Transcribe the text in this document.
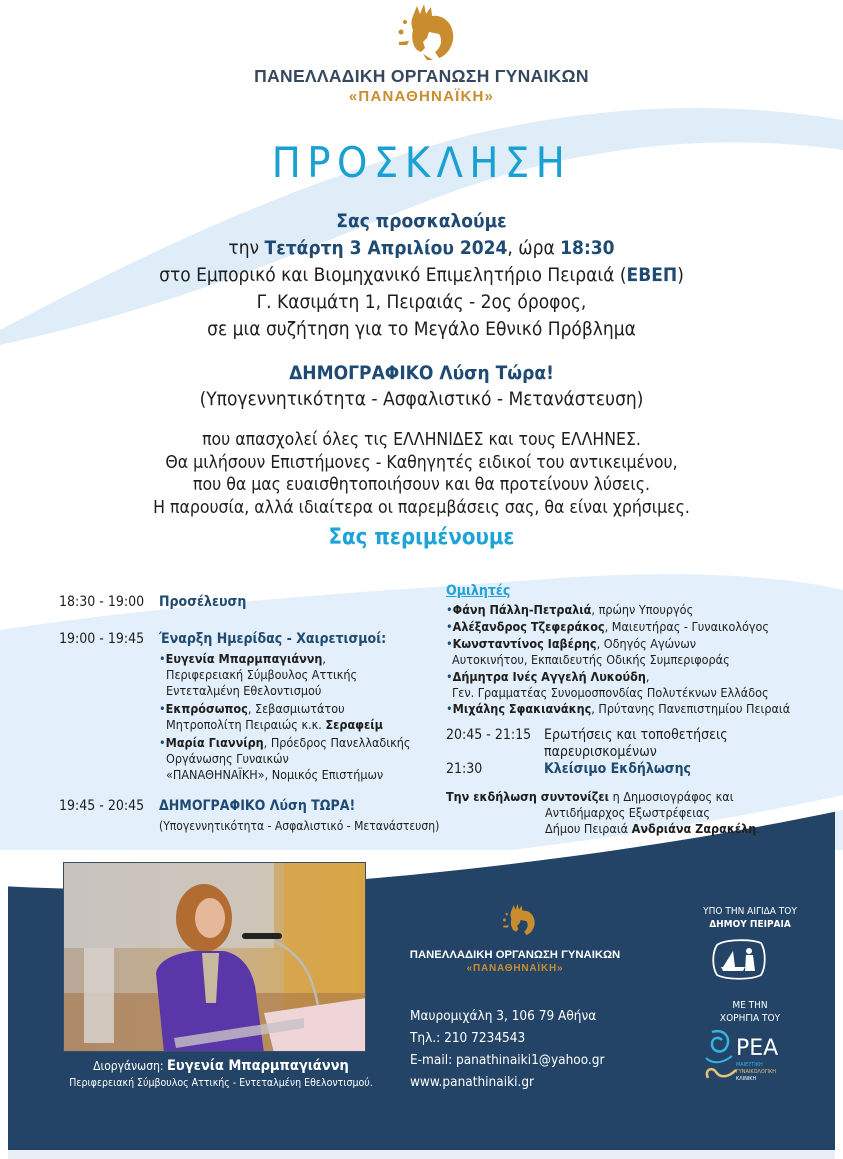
ΠΑΝΕΛΛΑΔΙΚΗ ΟΡΓΑΝΩΣΗ ΓΥΝΑΙΚΩΝ
«ΠΑΝΑΘΗΝΑΪΚΗ»
ΠΡΟΣΚΛΗΣΗ
Σας προσκαλούμε
την Τετάρτη 3 Απριλίου 2024, ώρα 18:30
στο Εμπορικό και Βιομηχανικό Επιμελητήριο Πειραιά (ΕΒΕΠ)
Γ. Κασιμάτη 1, Πειραιάς - 2ος όροφος,
σε μια συζήτηση για το Μεγάλο Εθνικό Πρόβλημα
ΔΗΜΟΓΡΑΦΙΚΟ Λύση Τώρα!
(Υπογεννητικότητα - Ασφαλιστικό - Μετανάστευση)
που απασχολεί όλες τις ΕΛΛΗΝΙΔΕΣ και τους ΕΛΛΗΝΕΣ.
Θα μιλήσουν Επιστήμονες - Καθηγητές ειδικοί του αντικειμένου,
που θα μας ευαισθητοποιήσουν και θα προτείνουν λύσεις.
Η παρουσία, αλλά ιδιαίτερα οι παρεμβάσεις σας, θα είναι χρήσιμες.
Σας περιμένουμε
18:30 - 19:00 Προσέλευση
19:00 - 19:45 Έναρξη Ημερίδας - Χαιρετισμοί:
•Ευγενία Μπαρμπαγιάννη,
Περιφερειακή Σύμβουλος Αττικής
Εντεταλμένη Εθελοντισμού
•Εκπρόσωπος, Σεβασμιωτάτου
Μητροπολίτη Πειραιώς κ.κ. Σεραφείμ
•Μαρία Γιαννίρη, Πρόεδρος Πανελλαδικής
Οργάνωσης Γυναικών
«ΠΑΝΑΘΗΝΑΪΚΗ», Νομικός Επιστήμων
19:45 - 20:45 ΔΗΜΟΓΡΑΦΙΚΟ Λύση ΤΩΡΑ!
(Υπογεννητικότητα - Ασφαλιστικό - Μετανάστευση)
Ομιλητές
•Φάνη Πάλλη-Πετραλιά, πρώην Υπουργός
•Αλέξανδρος Τζεφεράκος, Μαιευτήρας - Γυναικολόγος
•Κωνσταντίνος Ιαβέρης, Οδηγός Αγώνων
Αυτοκινήτου, Εκπαιδευτής Οδικής Συμπεριφοράς
•Δήμητρα Ινές Αγγελή Λυκούδη,
Γεν. Γραμματέας Συνομοσπονδίας Πολυτέκνων Ελλάδος
•Μιχάλης Σφακιανάκης, Πρύτανης Πανεπιστημίου Πειραιά
20:45 - 21:15 Ερωτήσεις και τοποθετήσεις
παρευρισκομένων
21:30	Κλείσιμο Εκδήλωσης
Την εκδήλωση συντονίζει η Δημοσιογράφος και
Αντιδήμαρχος Εξωστρέφειας
Δήμου Πειραιά Ανδριάνα Ζαρακέλη.
Διοργάνωση: Ευγενία Μπαρμπαγιάννη
Περιφερειακή Σύμβουλος Αττικής - Εντεταλμένη Εθελοντισμού.
ΠΑΝΕΛΛΑΔΙΚΗ ΟΡΓΑΝΩΣΗ ΓΥΝΑΙΚΩΝ
«ΠΑΝΑΘΗΝΑΪΚΗ»
Μαυρομιχάλη 3, 106 79 Αθήνα
Τηλ.: 210 7234543
E-mail: panathinaiki1@yahoo.gr
www.panathinaiki.gr
ΥΠΟ ΤΗΝ ΑΙΓΙΔΑ ΤΟΥ
ΔΗΜΟΥ ΠΕΙΡΑΙΑ
ΜΕ ΤΗΝ
ΧΟΡΗΓΙΑ ΤΟΥ
ΡΕΑ
ΜΑΙΕΥΤΙΚΗ
ΓΥΝΑΙΚΟΛΟΓΙΚΗ
ΚΛΙΝΙΚΗ
